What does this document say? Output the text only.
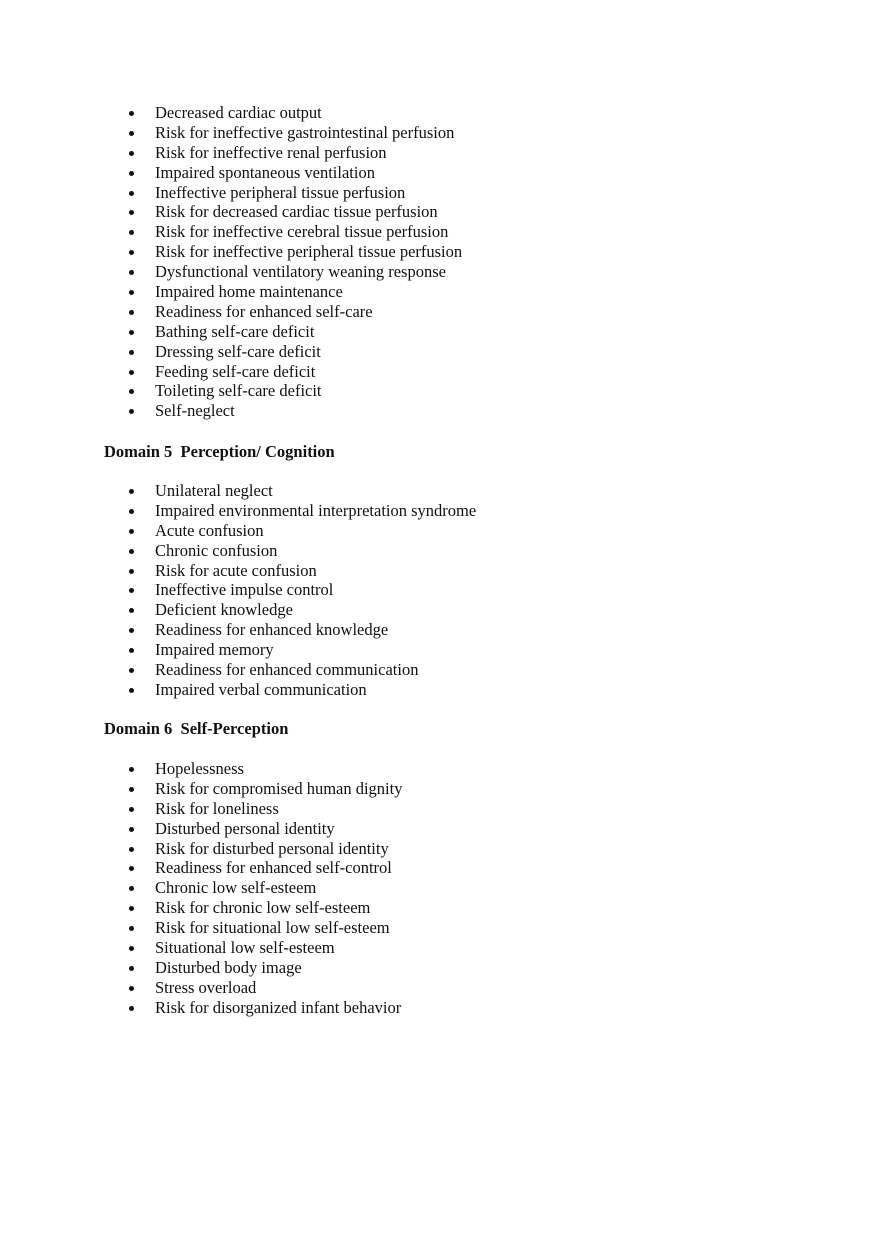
Decreased cardiac output
Risk for ineffective gastrointestinal perfusion
Risk for ineffective renal perfusion
Impaired spontaneous ventilation
Ineffective peripheral tissue perfusion
Risk for decreased cardiac tissue perfusion
Risk for ineffective cerebral tissue perfusion
Risk for ineffective peripheral tissue perfusion
Dysfunctional ventilatory weaning response
Impaired home maintenance
Readiness for enhanced self-care
Bathing self-care deficit
Dressing self-care deficit
Feeding self-care deficit
Toileting self-care deficit
Self-neglect
Domain 5  Perception/ Cognition
Unilateral neglect
Impaired environmental interpretation syndrome
Acute confusion
Chronic confusion
Risk for acute confusion
Ineffective impulse control
Deficient knowledge
Readiness for enhanced knowledge
Impaired memory
Readiness for enhanced communication
Impaired verbal communication
Domain 6  Self-Perception
Hopelessness
Risk for compromised human dignity
Risk for loneliness
Disturbed personal identity
Risk for disturbed personal identity
Readiness for enhanced self-control
Chronic low self-esteem
Risk for chronic low self-esteem
Risk for situational low self-esteem
Situational low self-esteem
Disturbed body image
Stress overload
Risk for disorganized infant behavior
